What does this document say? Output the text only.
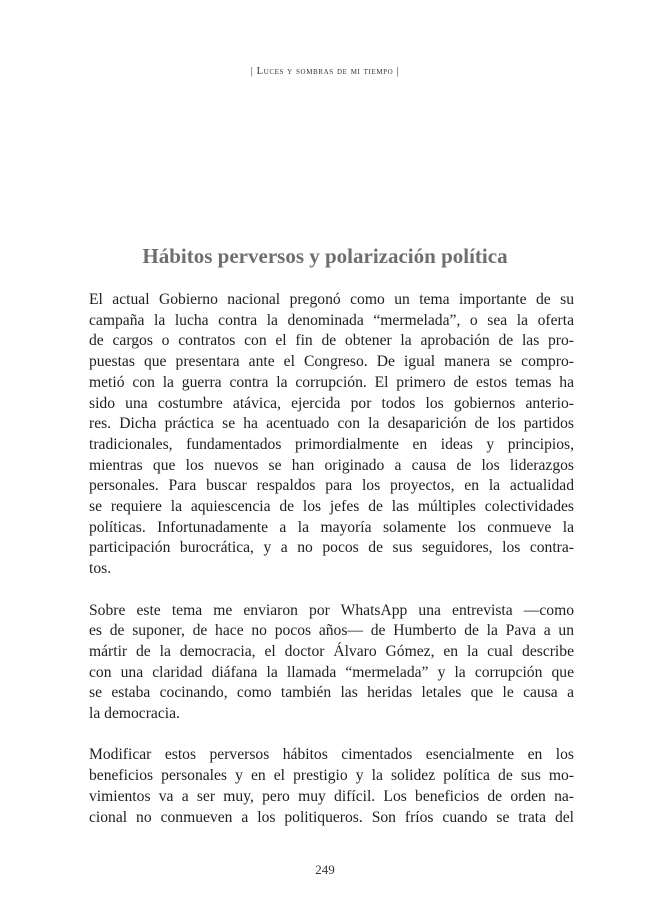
| Luces y sombras de mi tiempo |
Hábitos perversos y polarización política

El actual Gobierno nacional pregonó como un tema importante de su
campaña la lucha contra la denominada “mermelada”, o sea la oferta
de cargos o contratos con el fin de obtener la aprobación de las pro-
puestas que presentara ante el Congreso. De igual manera se compro-
metió con la guerra contra la corrupción. El primero de estos temas ha
sido una costumbre atávica, ejercida por todos los gobiernos anterio-
res. Dicha práctica se ha acentuado con la desaparición de los partidos
tradicionales, fundamentados primordialmente en ideas y principios,
mientras que los nuevos se han originado a causa de los liderazgos
personales. Para buscar respaldos para los proyectos, en la actualidad
se requiere la aquiescencia de los jefes de las múltiples colectividades
políticas. Infortunadamente a la mayoría solamente los conmueve la
participación burocrática, y a no pocos de sus seguidores, los contra-
tos.

Sobre este tema me enviaron por WhatsApp una entrevista —como
es de suponer, de hace no pocos años— de Humberto de la Pava a un
mártir de la democracia, el doctor Álvaro Gómez, en la cual describe
con una claridad diáfana la llamada “mermelada” y la corrupción que
se estaba cocinando, como también las heridas letales que le causa a
la democracia.

Modificar estos perversos hábitos cimentados esencialmente en los
beneficios personales y en el prestigio y la solidez política de sus mo-
vimientos va a ser muy, pero muy difícil. Los beneficios de orden na-
cional no conmueven a los politiqueros. Son fríos cuando se trata del

249
